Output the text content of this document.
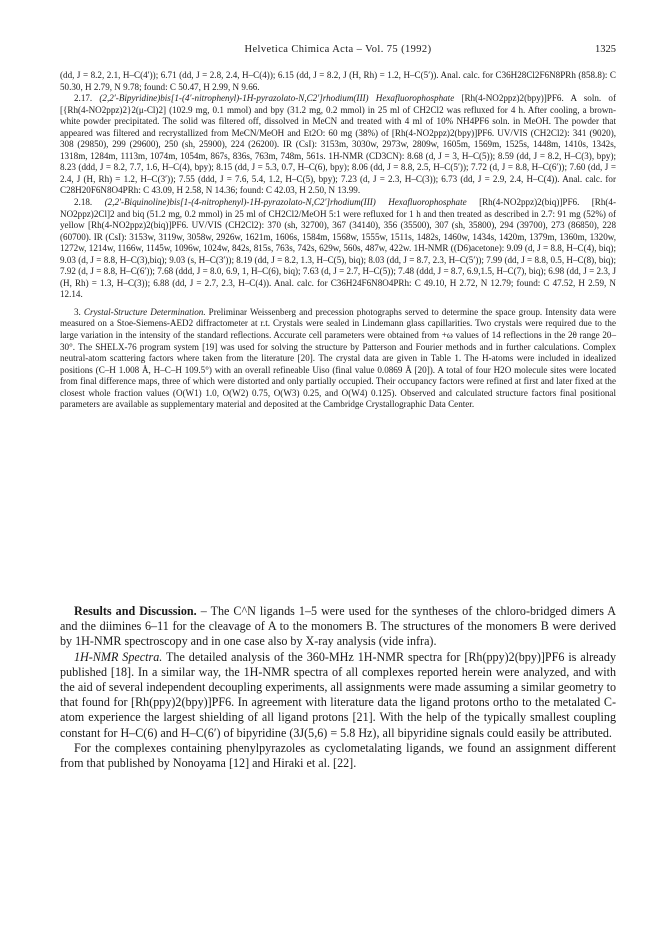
Helvetica Chimica Acta – Vol. 75 (1992)	1325

(dd, J = 8.2, 2.1, H–C(4′)); 6.71 (dd, J = 2.8, 2.4, H–C(4)); 6.15 (dd, J = 8.2, J (H, Rh) = 1.2, H–C(5′)). Anal. calc. for C36H28Cl2F6N8PRh (858.8): C 50.30, H 2.79, N 9.78; found: C 50.47, H 2.99, N 9.66.

2.17. (2,2′-Bipyridine)bis[1-(4′-nitrophenyl)-1H-pyrazolato-N,C2′]rhodium(III) Hexafluorophosphate [Rh(4-NO2ppz)2(bpy)]PF6. A soln. of [{Rh(4-NO2ppz)2}2(μ-Cl)2] (102.9 mg, 0.1 mmol) and bpy (31.2 mg, 0.2 mmol) in 25 ml of CH2Cl2 was refluxed for 4 h. After cooling, a brown-white powder precipitated. The solid was filtered off, dissolved in MeCN and treated with 4 ml of 10% NH4PF6 soln. in MeOH. The powder that appeared was filtered and recrystallized from MeCN/MeOH and Et2O: 60 mg (38%) of [Rh(4-NO2ppz)2(bpy)]PF6. UV/VIS (CH2Cl2): 341 (9020), 308 (29850), 299 (29600), 250 (sh, 25900), 224 (26200). IR (CsI): 3153m, 3030w, 2973w, 2809w, 1605m, 1569m, 1525s, 1448m, 1410s, 1342s, 1318m, 1284m, 1113m, 1074m, 1054m, 867s, 836s, 763m, 748m, 561s. 1H-NMR (CD3CN): 8.68 (d, J = 3, H–C(5)); 8.59 (dd, J = 8.2, H–C(3), bpy); 8.23 (ddd, J = 8.2, 7.7, 1.6, H–C(4), bpy); 8.15 (dd, J = 5.3, 0.7, H–C(6), bpy); 8.06 (dd, J = 8.8, 2.5, H–C(5′)); 7.72 (d, J = 8.8, H–C(6′)); 7.60 (dd, J = 2.4, J (H, Rh) = 1.2, H–C(3′)); 7.55 (ddd, J = 7.6, 5.4, 1.2, H–C(5), bpy); 7.23 (d, J = 2.3, H–C(3)); 6.73 (dd, J = 2.9, 2.4, H–C(4)). Anal. calc. for C28H20F6N8O4PRh: C 43.09, H 2.58, N 14.36; found: C 42.03, H 2.50, N 13.99.

2.18. (2,2′-Biquinoline)bis[1-(4-nitrophenyl)-1H-pyrazolato-N,C2′]rhodium(III) Hexafluorophosphate [Rh(4-NO2ppz)2(biq)]PF6. [Rh(4-NO2ppz)2Cl]2 and biq (51.2 mg, 0.2 mmol) in 25 ml of CH2Cl2/MeOH 5:1 were refluxed for 1 h and then treated as described in 2.7: 91 mg (52%) of yellow [Rh(4-NO2ppz)2(biq)]PF6. UV/VIS (CH2Cl2): 370 (sh, 32700), 367 (34140), 356 (35500), 307 (sh, 35800), 294 (39700), 273 (86850), 228 (60700). IR (CsI): 3153w, 3119w, 3058w, 2926w, 1621m, 1606s, 1584m, 1568w, 1555w, 1511s, 1482s, 1460w, 1434s, 1420m, 1379m, 1360m, 1320w, 1272w, 1214w, 1166w, 1145w, 1096w, 1024w, 842s, 815s, 763s, 742s, 629w, 560s, 487w, 422w. 1H-NMR ((D6)acetone): 9.09 (d, J = 8.8, H–C(4), biq); 9.03 (d, J = 8.8, H–C(3),biq); 9.03 (s, H–C(3′)); 8.19 (dd, J = 8.2, 1.3, H–C(5), biq); 8.03 (dd, J = 8.7, 2.3, H–C(5′)); 7.99 (dd, J = 8.8, 0.5, H–C(8), biq); 7.92 (d, J = 8.8, H–C(6′)); 7.68 (ddd, J = 8.0, 6.9, 1, H–C(6), biq); 7.63 (d, J = 2.7, H–C(5)); 7.48 (ddd, J = 8.7, 6.9,1.5, H–C(7), biq); 6.98 (dd, J = 2.3, J (H, Rh) = 1.3, H–C(3)); 6.88 (dd, J = 2.7, 2.3, H–C(4)). Anal. calc. for C36H24F6N8O4PRh: C 49.10, H 2.72, N 12.79; found: C 47.52, H 2.59, N 12.14.

3. Crystal-Structure Determination. Preliminar Weissenberg and precession photographs served to determine the space group. Intensity data were measured on a Stoe-Siemens-AED2 diffractometer at r.t. Crystals were sealed in Lindemann glass capillarities. Two crystals were required due to the large variation in the intensity of the standard reflections. Accurate cell parameters were obtained from +ω values of 14 reflections in the 2θ range 20–30°. The SHELX-76 program system [19] was used for solving the structure by Patterson and Fourier methods and in further calculations. Complex neutral-atom scattering factors where taken from the literature [20]. The crystal data are given in Table 1. The H-atoms were included in idealized positions (C–H 1.008 Å, H–C–H 109.5°) with an overall refineable Uiso (final value 0.0869 Å [20]). A total of four H2O molecule sites were located from final difference maps, three of which were distorted and only partially occupied. Their occupancy factors were refined at first and later fixed at the closest whole fraction values (O(W1) 1.0, O(W2) 0.75, O(W3) 0.25, and O(W4) 0.125). Observed and calculated structure factors final positional parameters are available as supplementary material and deposited at the Cambridge Crystallographic Data Center.

Results and Discussion. – The C^N ligands 1–5 were used for the syntheses of the chloro-bridged dimers A and the diimines 6–11 for the cleavage of A to the monomers B. The structures of the monomers B were derived by 1H-NMR spectroscopy and in one case also by X-ray analysis (vide infra).

1H-NMR Spectra. The detailed analysis of the 360-MHz 1H-NMR spectra for [Rh(ppy)2(bpy)]PF6 is already published [18]. In a similar way, the 1H-NMR spectra of all complexes reported herein were analyzed, and with the aid of several independent decoupling experiments, all assignments were made assuming a similar geometry to that found for [Rh(ppy)2(bpy)]PF6. In agreement with literature data the ligand protons ortho to the metalated C-atom experience the largest shielding of all ligand protons [21]. With the help of the typically smallest coupling constant for H–C(6) and H–C(6′) of bipyridine (3J(5,6) = 5.8 Hz), all bipyridine signals could easily be attributed.

For the complexes containing phenylpyrazoles as cyclometalating ligands, we found an assignment different from that published by Nonoyama [12] and Hiraki et al. [22].
